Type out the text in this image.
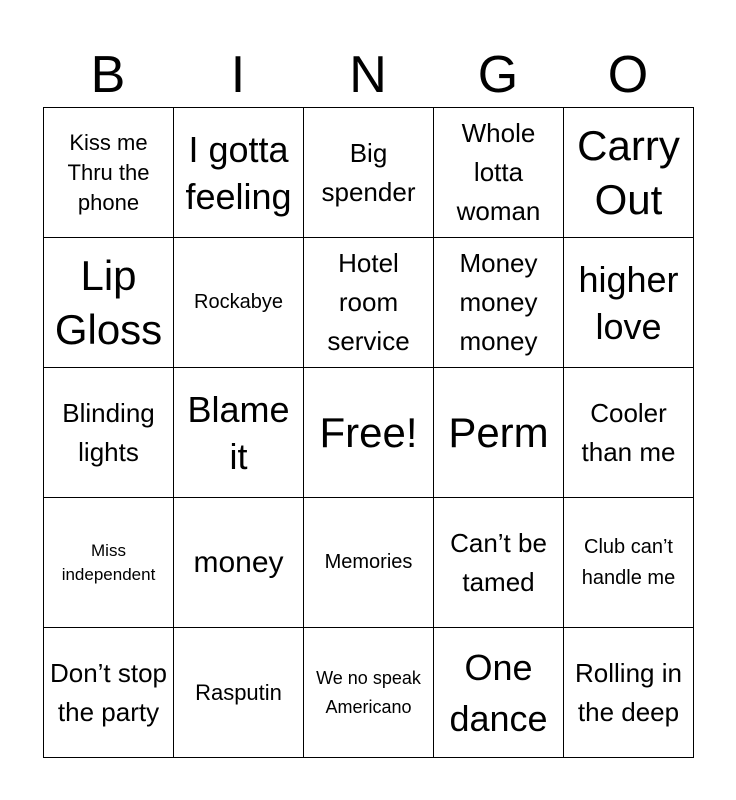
B	I	N	G	O
Kiss me Thru the phone	I gotta feeling	Big spender	Whole lotta woman	Carry Out

Lip Gloss	Rockabye	Hotel room service	Money money money	higher love

Blinding lights	Blame it	Free!	Perm	Cooler than me

Miss independent	money	Memories	Can’t be tamed	Club can’t handle me

Don’t stop the party	Rasputin	We no speak Americano	One dance	Rolling in the deep
